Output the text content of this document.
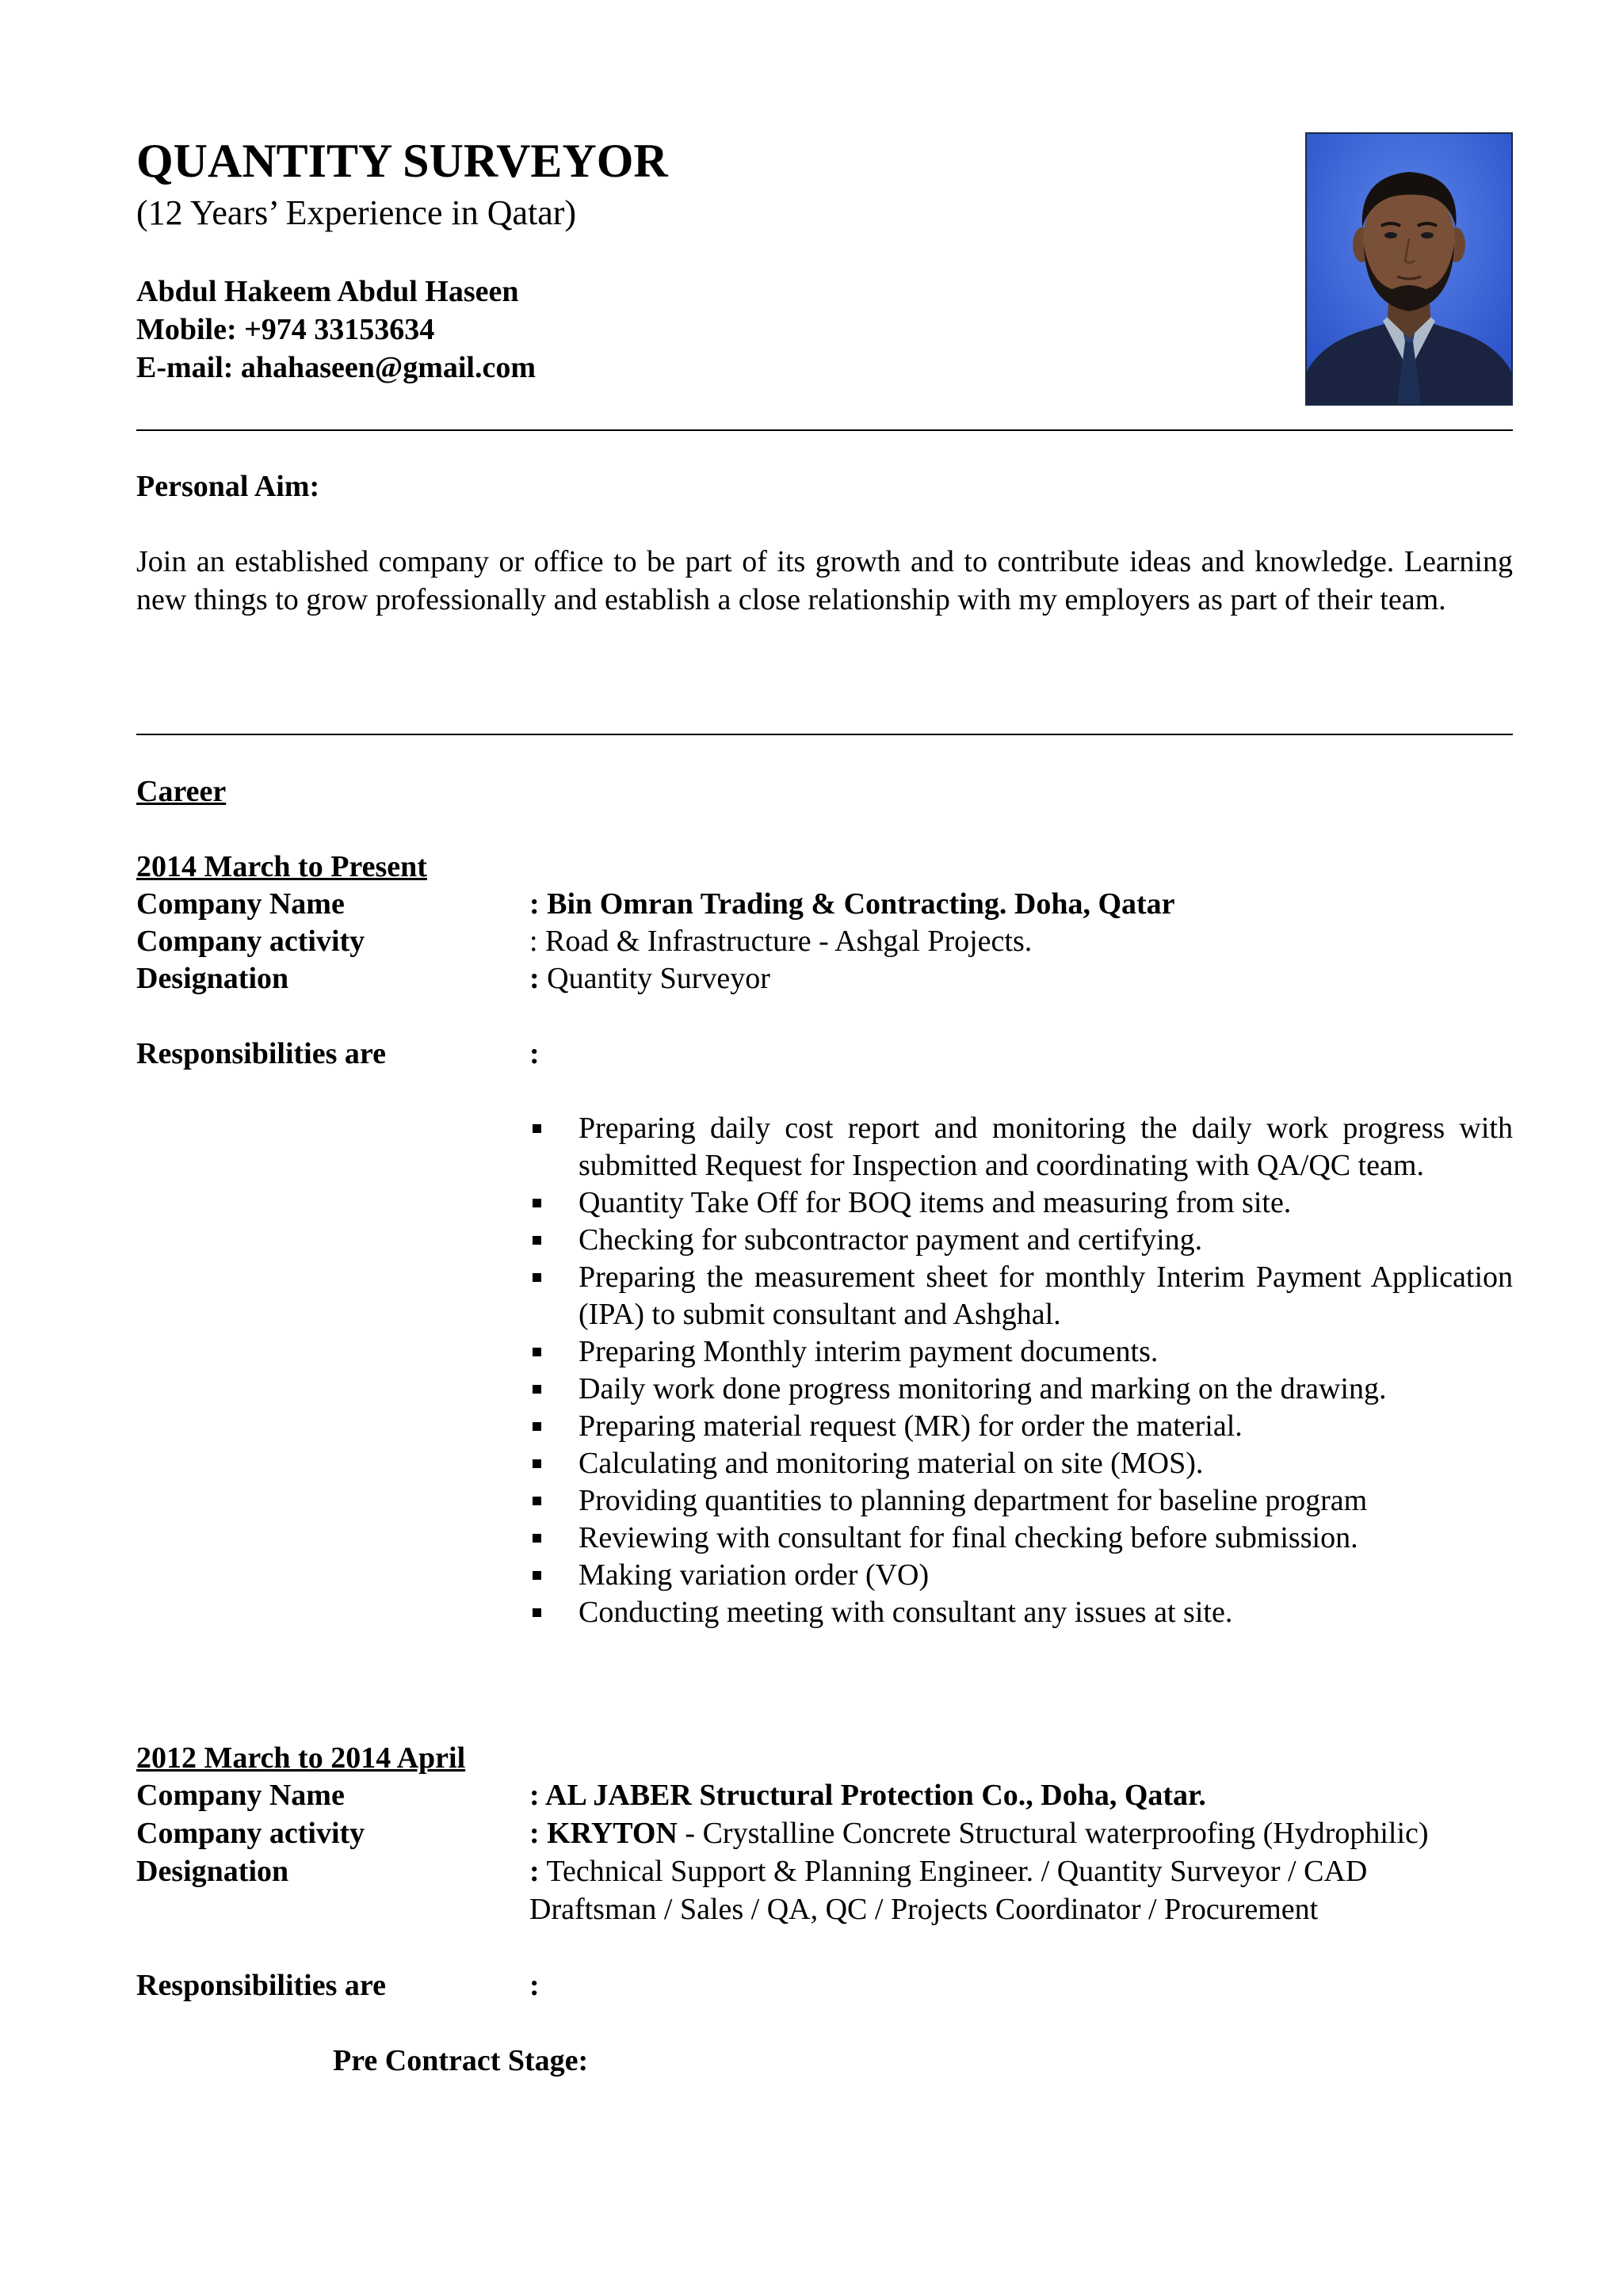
QUANTITY SURVEYOR
(12 Years’ Experience in Qatar)
Abdul Hakeem Abdul Haseen
Mobile: +974 33153634
E-mail: ahahaseen@gmail.com
Personal Aim:

Join an established company or office to be part of its growth and to contribute ideas and knowledge. Learning new things to grow professionally and establish a close relationship with my employers as part of their team.

Career
2014 March to Present
Company Name	: Bin Omran Trading & Contracting. Doha, Qatar
Company activity	: Road & Infrastructure - Ashgal Projects.
Designation	: Quantity Surveyor
Responsibilities are	:
Preparing daily cost report and monitoring the daily work progress with submitted Request for Inspection and coordinating with QA/QC team.
Quantity Take Off for BOQ items and measuring from site.
Checking for subcontractor payment and certifying.
Preparing the measurement sheet for monthly Interim Payment Application (IPA) to submit consultant and Ashghal.
Preparing Monthly interim payment documents.
Daily work done progress monitoring and marking on the drawing.
Preparing material request (MR) for order the material.
Calculating and monitoring material on site (MOS).
Providing quantities to planning department for baseline program
Reviewing with consultant for final checking before submission.
Making variation order (VO)
Conducting meeting with consultant any issues at site.
2012 March to 2014 April
Company Name	: AL JABER Structural Protection Co., Doha, Qatar.
Company activity	: KRYTON - Crystalline Concrete Structural waterproofing (Hydrophilic)
Designation	: Technical Support & Planning Engineer. / Quantity Surveyor / CAD Draftsman / Sales / QA, QC / Projects Coordinator / Procurement
Responsibilities are	:
Pre Contract Stage:
